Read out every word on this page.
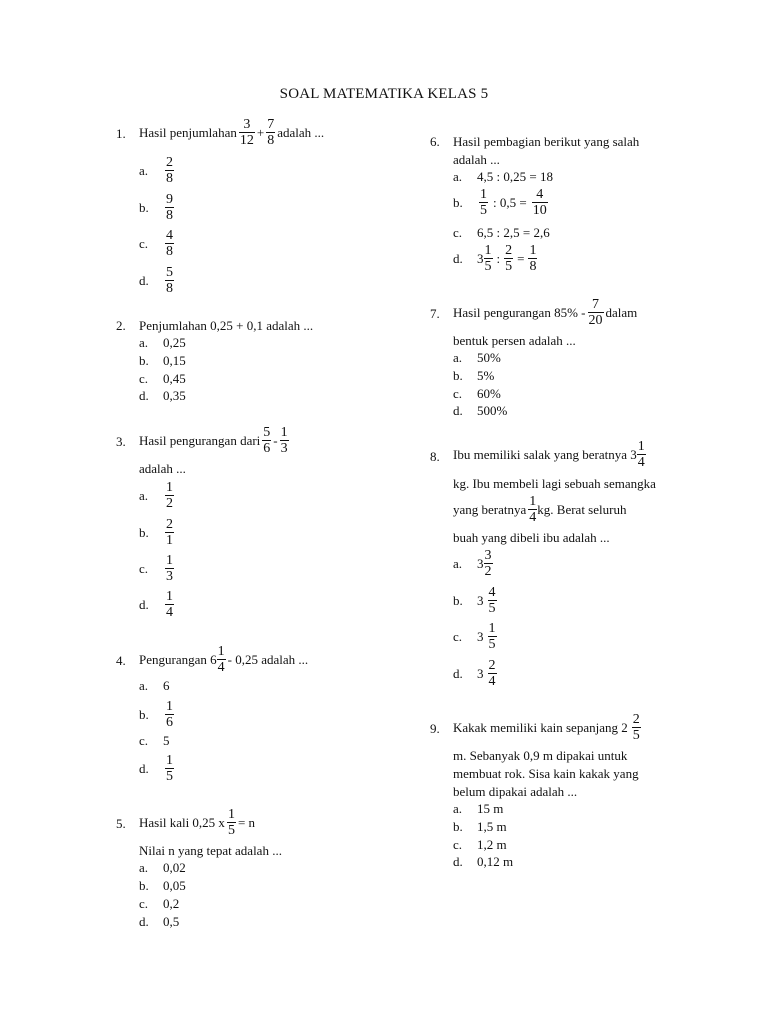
SOAL MATEMATIKA KELAS 5
1. Hasil penjumlahan $\frac{3}{12} + \frac{7}{8}$ adalah ...
a.	$\frac{2}{8}$
b.	$\frac{9}{8}$
c.	$\frac{4}{8}$
d.	$\frac{5}{8}$
2. Penjumlahan 0,25 + 0,1 adalah ...
a.	0,25
b.	0,15
c.	0,45
d.	0,35
3. Hasil pengurangan dari $\frac{5}{6} - \frac{1}{3}$
adalah ...
a.	$\frac{1}{2}$
b.	$\frac{2}{1}$
c.	$\frac{1}{3}$
d.	$\frac{1}{4}$
4. Pengurangan $6 \frac{1}{4} - 0,25$ adalah ...
a.	6
b.	$\frac{1}{6}$
c.	5
d.	$\frac{1}{5}$
5. Hasil kali 0,25 x $\frac{1}{5} = n$
Nilai n yang tepat adalah ...
a.	0,02
b.	0,05
c.	0,2
d.	0,5
6. Hasil pembagian berikut yang salah
adalah ...
a.	4,5 : 0,25 = 18
b.	$\frac{1}{5}$ : $0,5 = \frac{4}{10}$
c.	6,5 : 2,5 = 2,6
d.	$3 \frac{1}{5}$ : $\frac{2}{5} = \frac{1}{8}$
7. Hasil pengurangan $85\% - \frac{7}{20}$ dalam
bentuk persen adalah ...
a.	50%
b.	5%
c.	60%
d.	500%
8. Ibu memiliki salak yang beratnya $3 \frac{1}{4}$
kg. Ibu membeli lagi sebuah semangka
yang beratnya $\frac{1}{4}$ kg. Berat seluruh
buah yang dibeli ibu adalah ...
a.	$3 \frac{3}{2}$
b.	$3 \frac{4}{5}$
c.	$3 \frac{1}{5}$
d.	$3 \frac{2}{4}$
9. Kakak memiliki kain sepanjang $2 \frac{2}{5}$
m. Sebanyak 0,9 m dipakai untuk
membuat rok. Sisa kain kakak yang
belum dipakai adalah ...
a.	15 m
b.	1,5 m
c.	1,2 m
d.	0,12 m
